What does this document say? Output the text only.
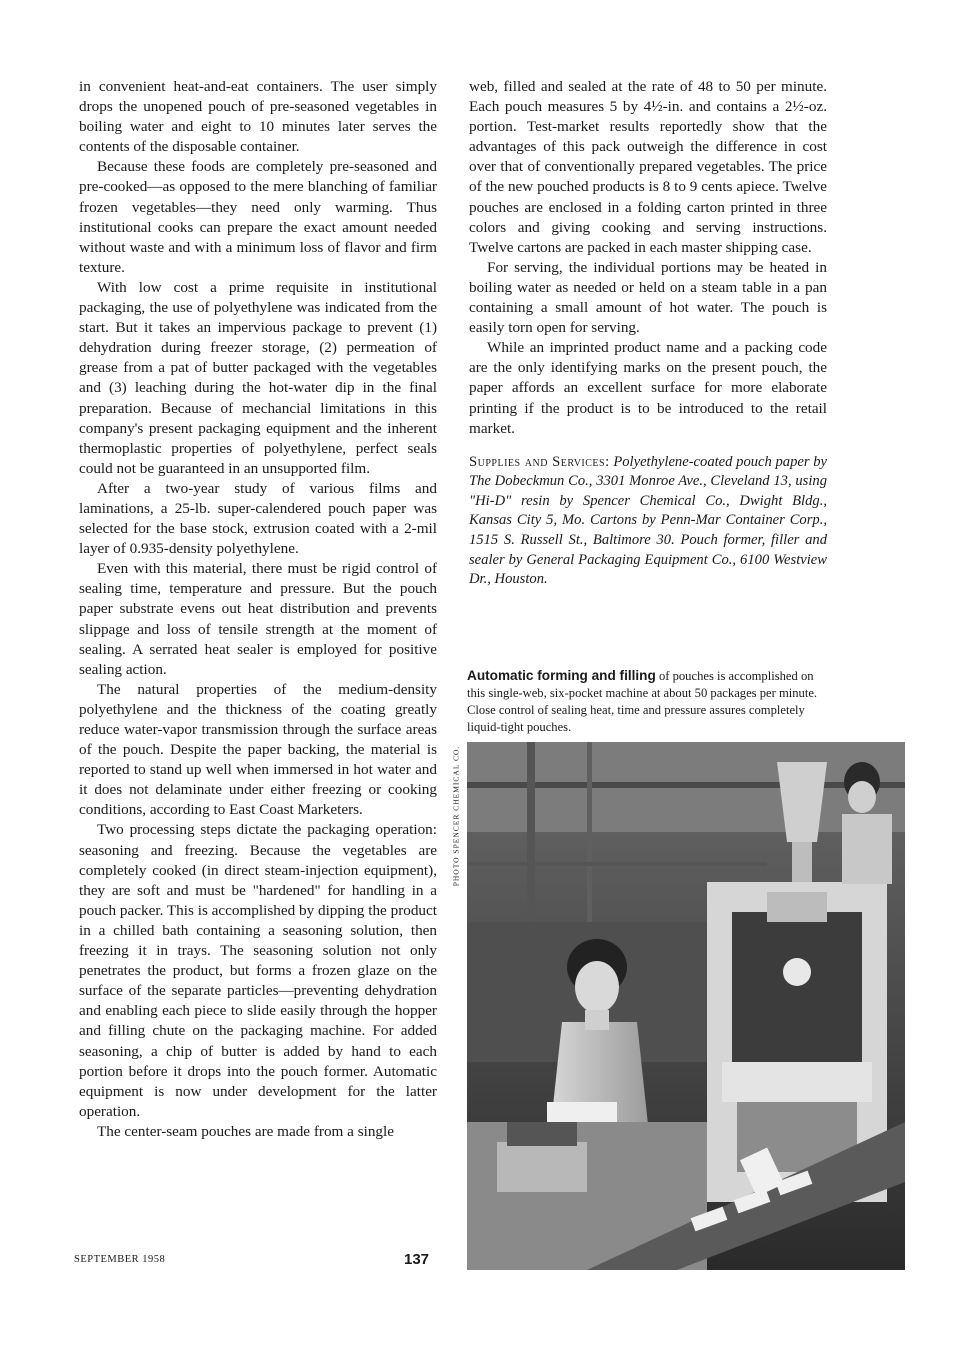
in convenient heat-and-eat containers. The user simply drops the unopened pouch of pre-seasoned vegetables in boiling water and eight to 10 minutes later serves the contents of the disposable container.

Because these foods are completely pre-seasoned and pre-cooked—as opposed to the mere blanching of familiar frozen vegetables—they need only warming. Thus institutional cooks can prepare the exact amount needed without waste and with a minimum loss of flavor and firm texture.

With low cost a prime requisite in institutional packaging, the use of polyethylene was indicated from the start. But it takes an impervious package to prevent (1) dehydration during freezer storage, (2) permeation of grease from a pat of butter packaged with the vegetables and (3) leaching during the hot-water dip in the final preparation. Because of mechancial limitations in this company's present packaging equipment and the inherent thermoplastic properties of polyethylene, perfect seals could not be guaranteed in an unsupported film.

After a two-year study of various films and laminations, a 25-lb. super-calendered pouch paper was selected for the base stock, extrusion coated with a 2-mil layer of 0.935-density polyethylene.

Even with this material, there must be rigid control of sealing time, temperature and pressure. But the pouch paper substrate evens out heat distribution and prevents slippage and loss of tensile strength at the moment of sealing. A serrated heat sealer is employed for positive sealing action.

The natural properties of the medium-density polyethylene and the thickness of the coating greatly reduce water-vapor transmission through the surface areas of the pouch. Despite the paper backing, the material is reported to stand up well when immersed in hot water and it does not delaminate under either freezing or cooking conditions, according to East Coast Marketers.

Two processing steps dictate the packaging operation: seasoning and freezing. Because the vegetables are completely cooked (in direct steam-injection equipment), they are soft and must be "hardened" for handling in a pouch packer. This is accomplished by dipping the product in a chilled bath containing a seasoning solution, then freezing it in trays. The seasoning solution not only penetrates the product, but forms a frozen glaze on the surface of the separate particles—preventing dehydration and enabling each piece to slide easily through the hopper and filling chute on the packaging machine. For added seasoning, a chip of butter is added by hand to each portion before it drops into the pouch former. Automatic equipment is now under development for the latter operation.

The center-seam pouches are made from a single

web, filled and sealed at the rate of 48 to 50 per minute. Each pouch measures 5 by 4½-in. and contains a 2½-oz. portion. Test-market results reportedly show that the advantages of this pack outweigh the difference in cost over that of conventionally prepared vegetables. The price of the new pouched products is 8 to 9 cents apiece. Twelve pouches are enclosed in a folding carton printed in three colors and giving cooking and serving instructions. Twelve cartons are packed in each master shipping case.

For serving, the individual portions may be heated in boiling water as needed or held on a steam table in a pan containing a small amount of hot water. The pouch is easily torn open for serving.

While an imprinted product name and a packing code are the only identifying marks on the present pouch, the paper affords an excellent surface for more elaborate printing if the product is to be introduced to the retail market.

Supplies and Services: Polyethylene-coated pouch paper by The Dobeckmun Co., 3301 Monroe Ave., Cleveland 13, using "Hi-D" resin by Spencer Chemical Co., Dwight Bldg., Kansas City 5, Mo. Cartons by Penn-Mar Container Corp., 1515 S. Russell St., Baltimore 30. Pouch former, filler and sealer by General Packaging Equipment Co., 6100 Westview Dr., Houston.

Automatic forming and filling of pouches is accomplished on this single-web, six-pocket machine at about 50 packages per minute. Close control of sealing heat, time and pressure assures completely liquid-tight pouches.
PHOTO SPENCER CHEMICAL CO.
SEPTEMBER 1958	137
